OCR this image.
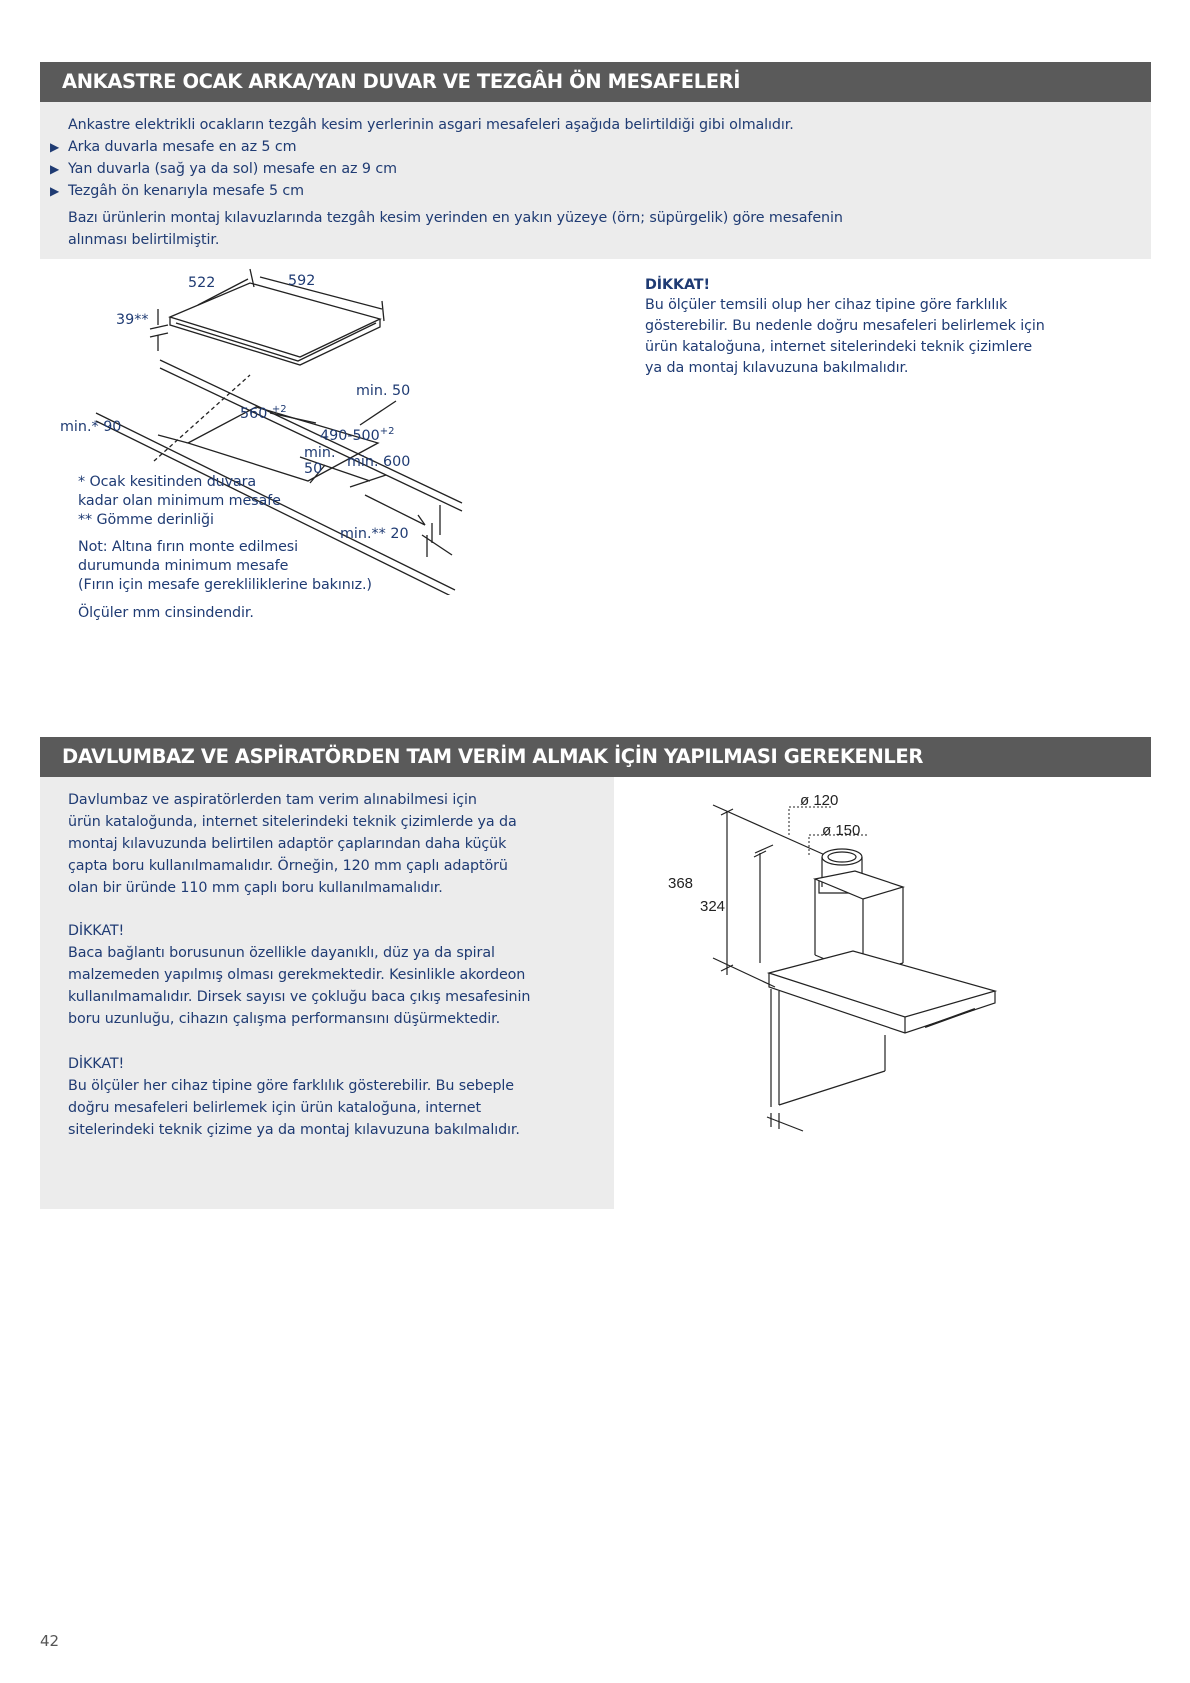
ANKASTRE OCAK ARKA/YAN DUVAR VE TEZGÂH ÖN MESAFELERİ

Ankastre elektrikli ocakların tezgâh kesim yerlerinin asgari mesafeleri aşağıda belirtildiği gibi olmalıdır.

▶ Arka duvarla mesafe en az 5 cm

▶ Yan duvarla (sağ ya da sol) mesafe en az 9 cm

▶ Tezgâh ön kenarıyla mesafe 5 cm

Bazı ürünlerin montaj kılavuzlarında tezgâh kesim yerinden en yakın yüzeye (örn; süpürgelik) göre mesafenin

alınması belirtilmiştir.

522	592
39**
min. 50
560 $^{+2}$
$490-500^{+2}$
min.* 90
min.
50 min. 600
min.** 20

* Ocak kesitinden duvara

kadar olan minimum mesafe

** Gömme derinliği

Not: Altına fırın monte edilmesi

durumunda minimum mesafe

(Fırın için mesafe gerekliliklerine bakınız.)

Ölçüler mm cinsindendir.

DİKKAT!

Bu ölçüler temsili olup her cihaz tipine göre farklılık

gösterebilir. Bu nedenle doğru mesafeleri belirlemek için

ürün kataloğuna, internet sitelerindeki teknik çizimlere

ya da montaj kılavuzuna bakılmalıdır.

DAVLUMBAZ VE ASPİRATÖRDEN TAM VERİM ALMAK İÇİN YAPILMASI GEREKENLER

Davlumbaz ve aspiratörlerden tam verim alınabilmesi için

ürün kataloğunda, internet sitelerindeki teknik çizimlerde ya da

montaj kılavuzunda belirtilen adaptör çaplarından daha küçük

çapta boru kullanılmamalıdır. Örneğin, 120 mm çaplı adaptörü

olan bir üründe 110 mm çaplı boru kullanılmamalıdır.

DİKKAT!

Baca bağlantı borusunun özellikle dayanıklı, düz ya da spiral

malzemeden yapılmış olması gerekmektedir. Kesinlikle akordeon

kullanılmamalıdır. Dirsek sayısı ve çokluğu baca çıkış mesafesinin

boru uzunluğu, cihazın çalışma performansını düşürmektedir.

DİKKAT!

Bu ölçüler her cihaz tipine göre farklılık gösterebilir. Bu sebeple

doğru mesafeleri belirlemek için ürün kataloğuna, internet

sitelerindeki teknik çizime ya da montaj kılavuzuna bakılmalıdır.

ø 120
ø 150
368
324
42
